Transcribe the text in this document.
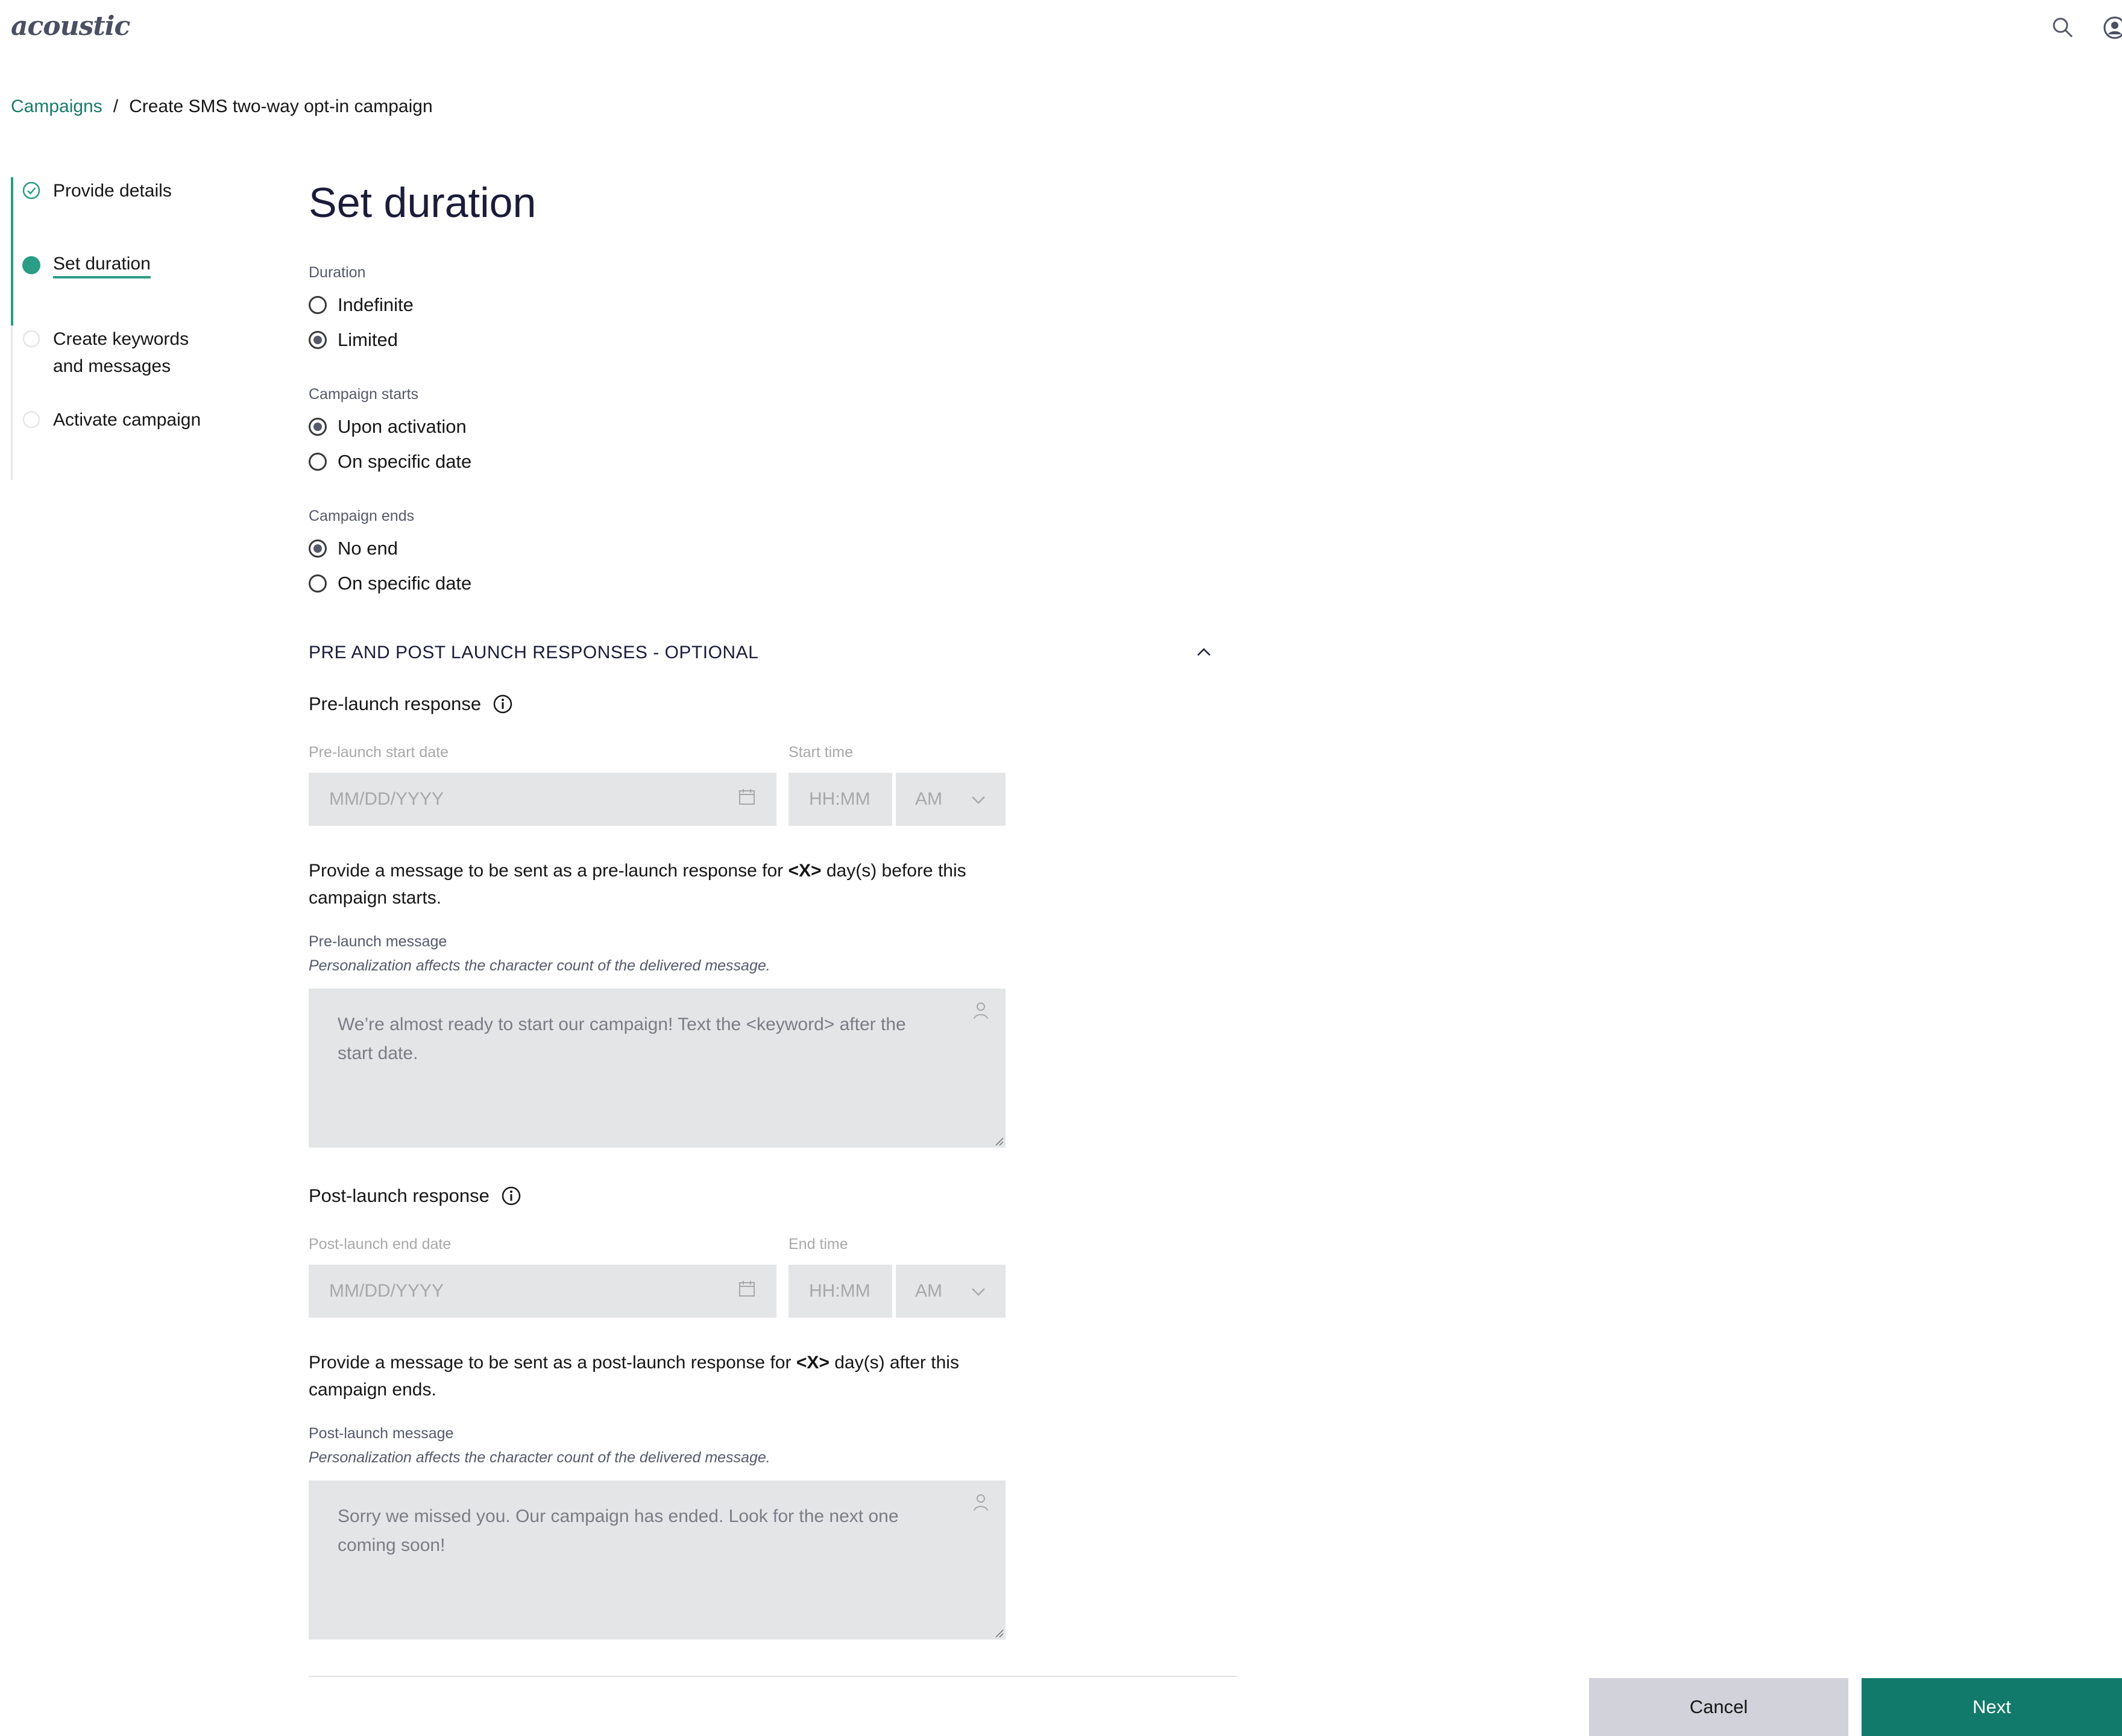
acoustic
Campaigns / Create SMS two-way opt-in campaign
Provide details
Set duration
Create keywords
and messages
Activate campaign
Set duration
Duration
Indefinite
Limited
Campaign starts
Upon activation
On specific date
Campaign ends
No end
On specific date
PRE AND POST LAUNCH RESPONSES - OPTIONAL
Pre-launch response
Pre-launch start date	Start time
MM/DD/YYYY	HH:MM AM
Provide a message to be sent as a pre-launch response for <X> day(s) before this campaign starts.
Pre-launch message
Personalization affects the character count of the delivered message.
We’re almost ready to start our campaign! Text the <keyword> after the start date.
Post-launch response
Post-launch end date	End time
MM/DD/YYYY	HH:MM AM
Provide a message to be sent as a post-launch response for <X> day(s) after this campaign ends.
Post-launch message
Personalization affects the character count of the delivered message.
Sorry we missed you. Our campaign has ended. Look for the next one coming soon!
Cancel	Next
